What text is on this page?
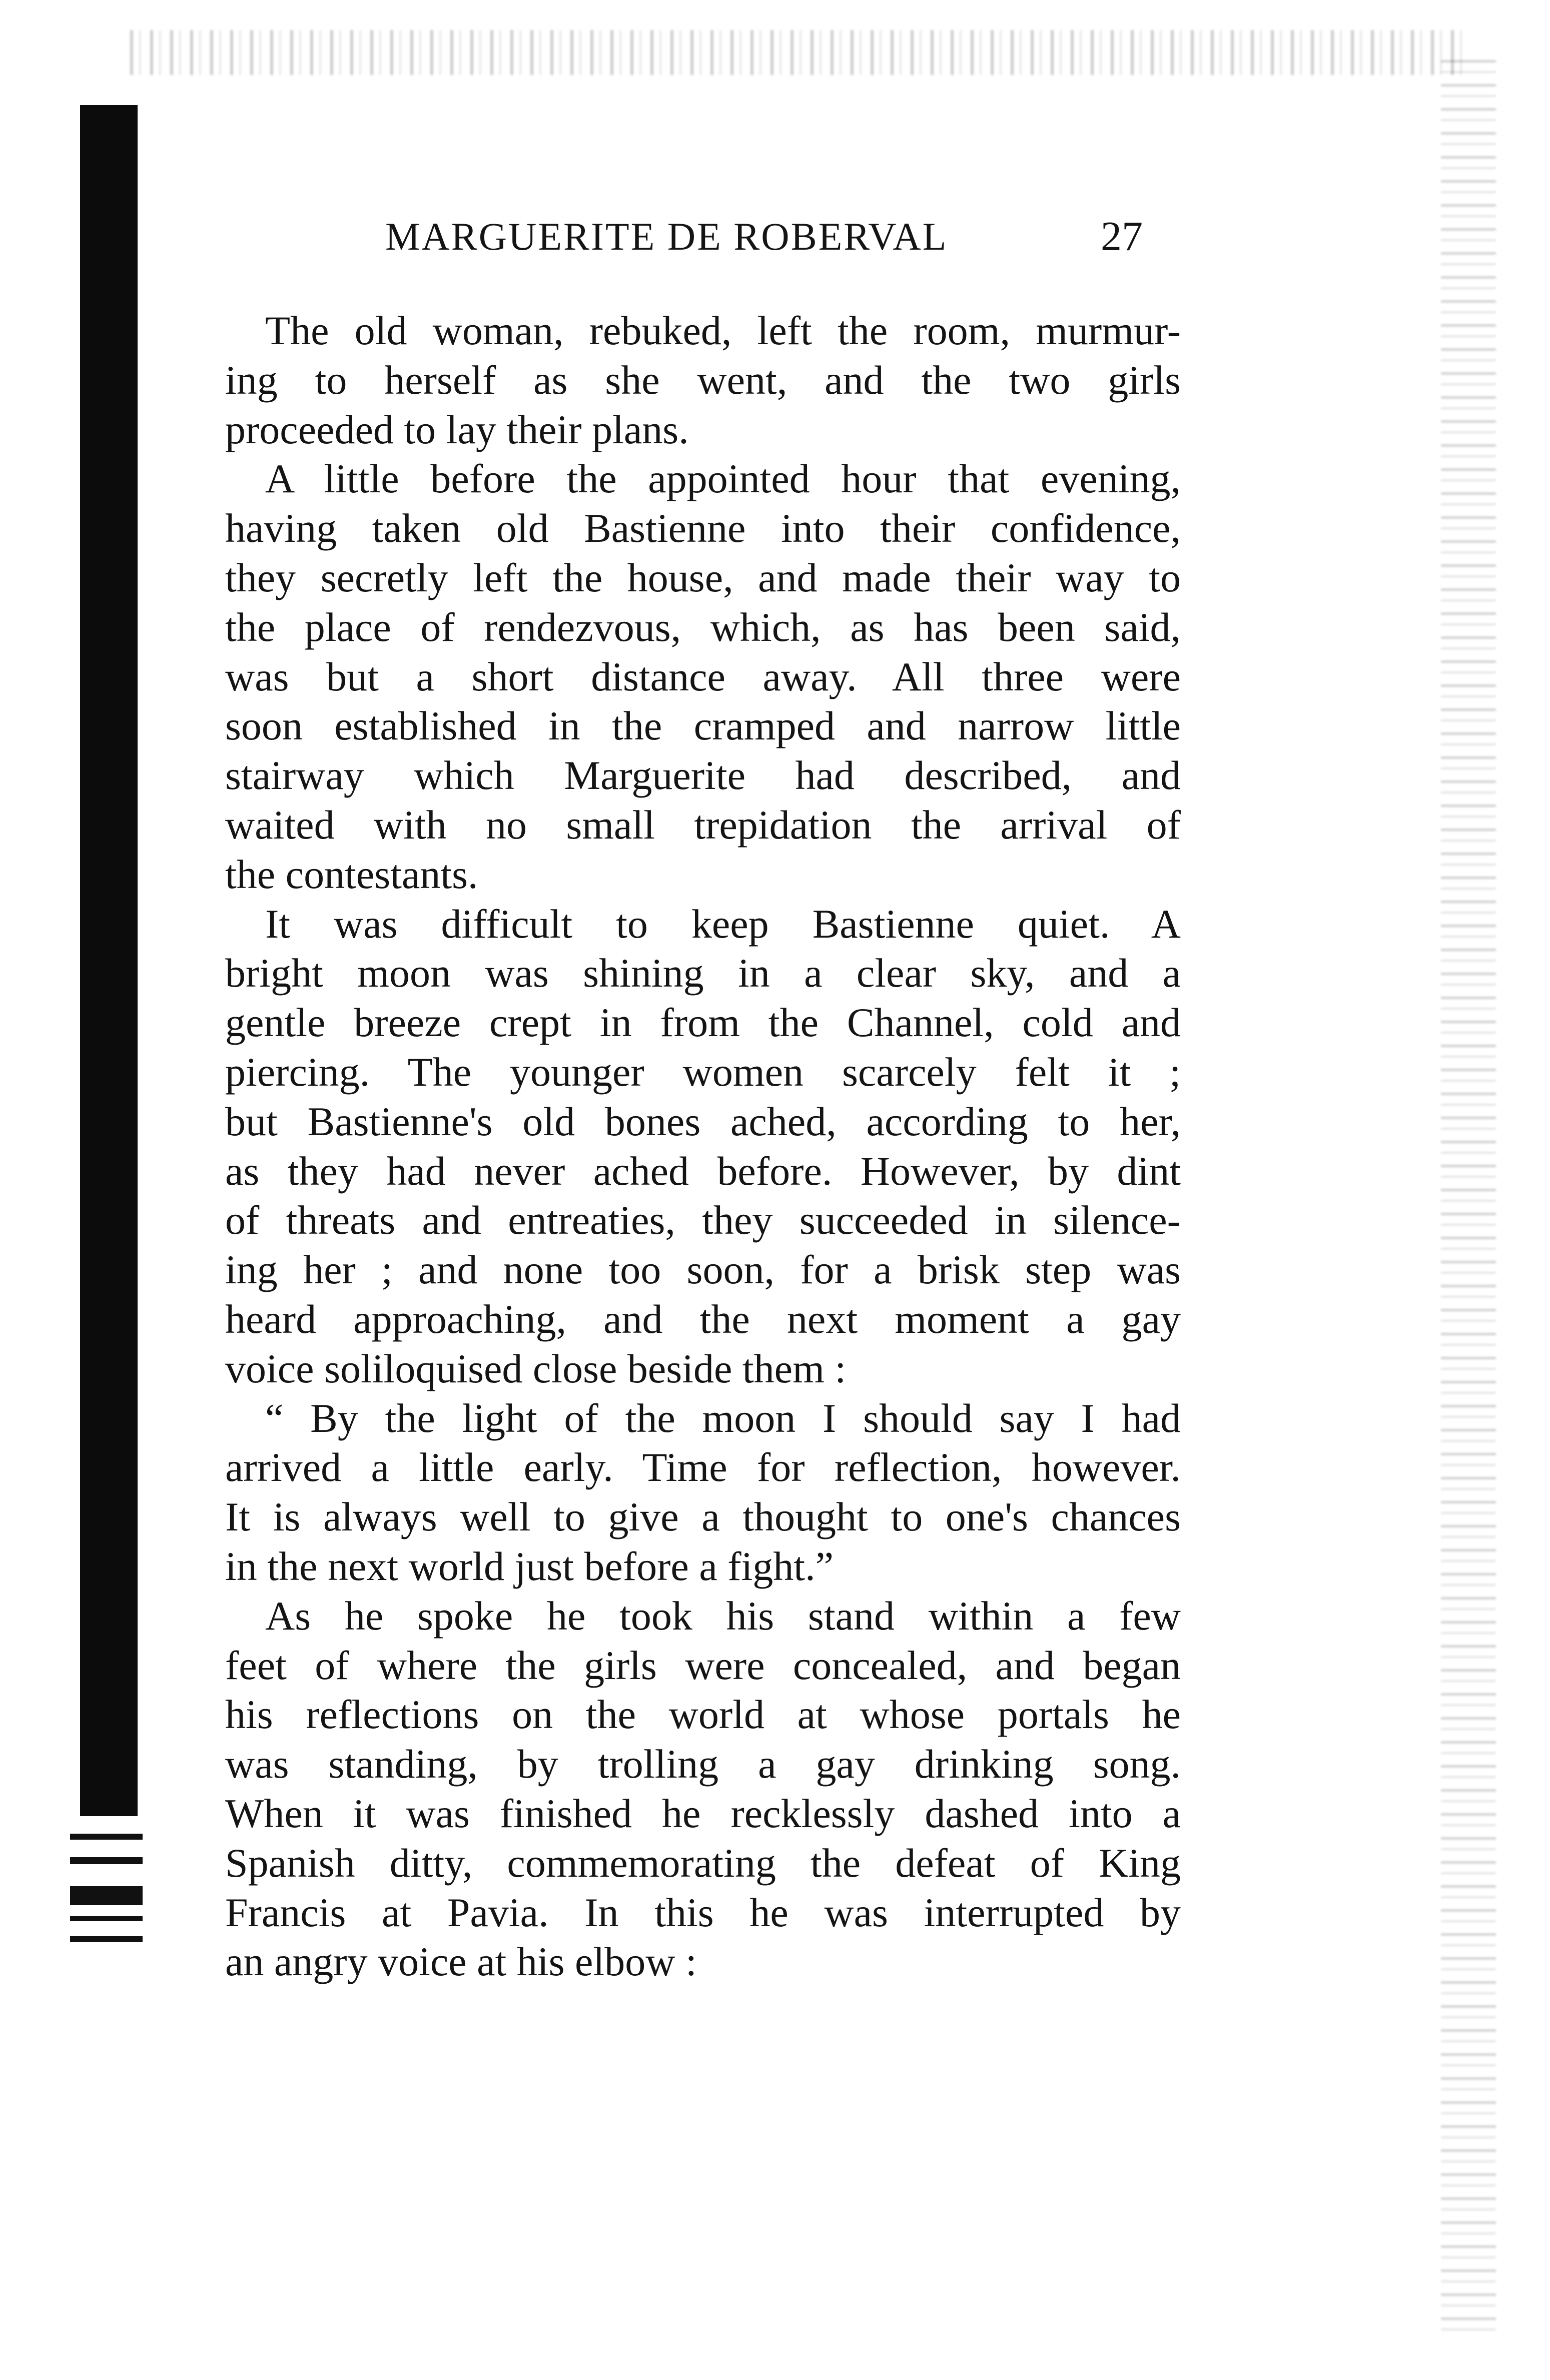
MARGUERITE DE ROBERVAL	27
The old woman, rebuked, left the room, murmur-
ing to herself as she went, and the two girls
proceeded to lay their plans.
A little before the appointed hour that evening,
having taken old Bastienne into their confidence,
they secretly left the house, and made their way to
the place of rendezvous, which, as has been said,
was but a short distance away. All three were
soon established in the cramped and narrow little
stairway which Marguerite had described, and
waited with no small trepidation the arrival of
the contestants.
It was difficult to keep Bastienne quiet. A
bright moon was shining in a clear sky, and a
gentle breeze crept in from the Channel, cold and
piercing. The younger women scarcely felt it ;
but Bastienne's old bones ached, according to her,
as they had never ached before. However, by dint
of threats and entreaties, they succeeded in silence-
ing her ; and none too soon, for a brisk step was
heard approaching, and the next moment a gay
voice soliloquised close beside them :
“ By the light of the moon I should say I had
arrived a little early. Time for reflection, however.
It is always well to give a thought to one's chances
in the next world just before a fight.”
As he spoke he took his stand within a few
feet of where the girls were concealed, and began
his reflections on the world at whose portals he
was standing, by trolling a gay drinking song.
When it was finished he recklessly dashed into a
Spanish ditty, commemorating the defeat of King
Francis at Pavia. In this he was interrupted by
an angry voice at his elbow :
